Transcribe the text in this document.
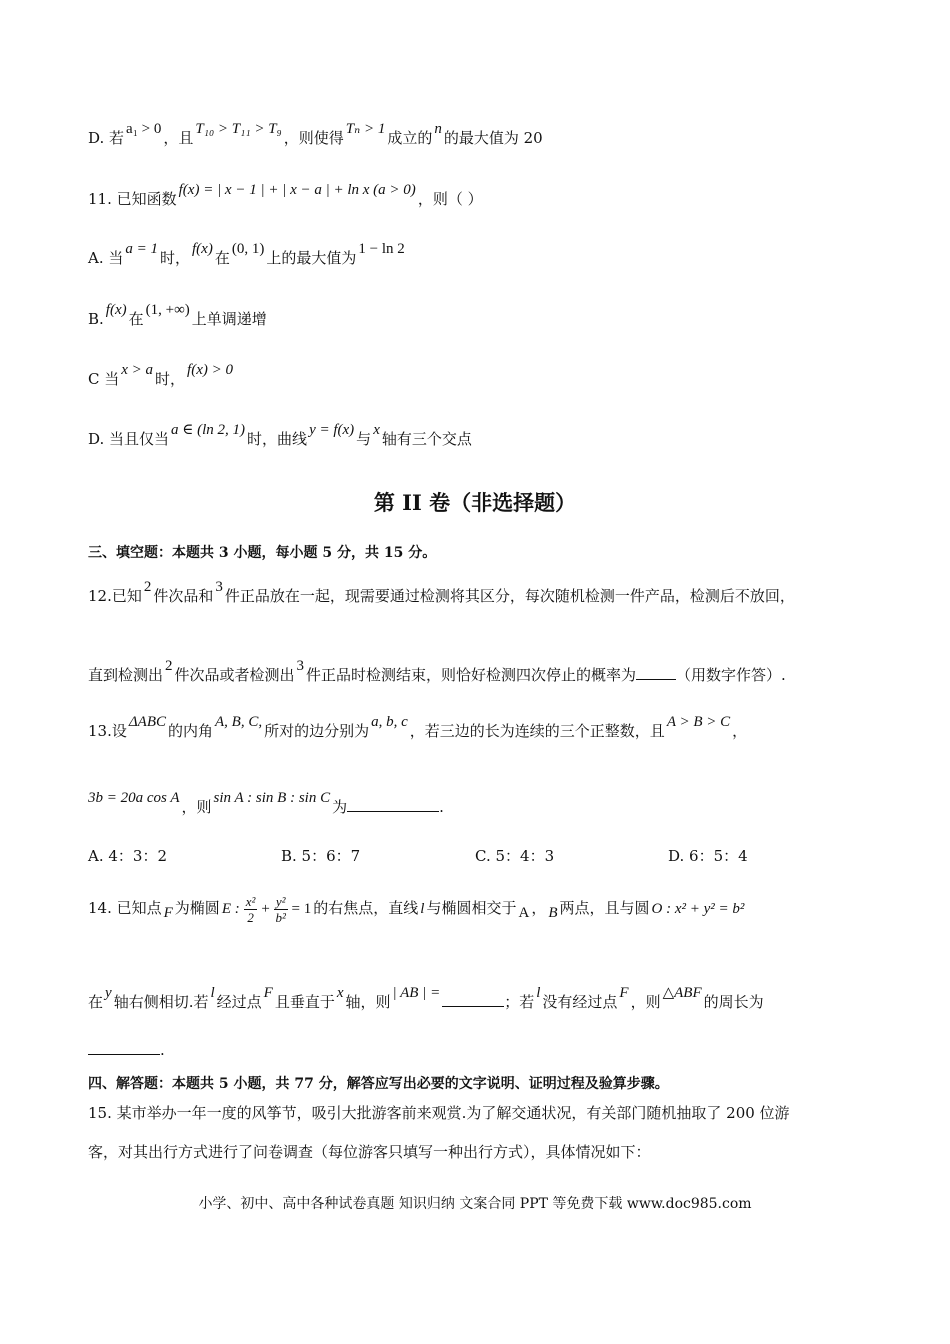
D. 若 a₁ > 0 ，且 T₁₀ > T₁₁ > T₉ ，则使得 Tₙ > 1 成立的 n 的最大值为 20
11. 已知函数 f(x) = | x − 1 | + | x − a | + ln x (a > 0) ，则（ ）
A. 当 a = 1 时， f(x) 在 (0, 1) 上的最大值为 1 − ln 2
B. f(x) 在 (1, +∞) 上单调递增
C 当 x > a 时， f(x) > 0
D. 当且仅当 a ∈ (ln 2, 1) 时，曲线 y = f(x) 与 x 轴有三个交点
第 II 卷（非选择题）
三、填空题：本题共 3 小题，每小题 5 分，共 15 分。
12.已知 2 件次品和 3 件正品放在一起，现需要通过检测将其区分，每次随机检测一件产品，检测后不放回，
直到检测出 2 件次品或者检测出 3 件正品时检测结束，则恰好检测四次停止的概率为	（用数字作答）.
13.设 ΔABC 的内角 A, B, C, 所对的边分别为 a, b, c ，若三边的长为连续的三个正整数，且 A > B > C ，
3b = 20a cos A ，则 sin A : sin B : sin C 为	.
A. 4：3：2	B. 5：6：7	C. 5：4：3	D. 6：5：4
14. 已知点 F 为椭圆 E : $\frac{\text{x²}}{2} + \frac{\text{y²}}{\text{b²}} = 1$ 的右焦点，直线 l 与椭圆相交于 A ， B 两点，且与圆 O : x² + y² = b²
在 y 轴右侧相切.若 l 经过点 F 且垂直于 x 轴，则 | AB | =	；若 l 没有经过点 F ，则 △ABF 的周长为
.
四、解答题：本题共 5 小题，共 77 分，解答应写出必要的文字说明、证明过程及验算步骤。
15. 某市举办一年一度的风筝节，吸引大批游客前来观赏.为了解交通状况，有关部门随机抽取了 200 位游
客，对其出行方式进行了问卷调查（每位游客只填写一种出行方式），具体情况如下：
小学、初中、高中各种试卷真题 知识归纳 文案合同 PPT 等免费下载 www.doc985.com
